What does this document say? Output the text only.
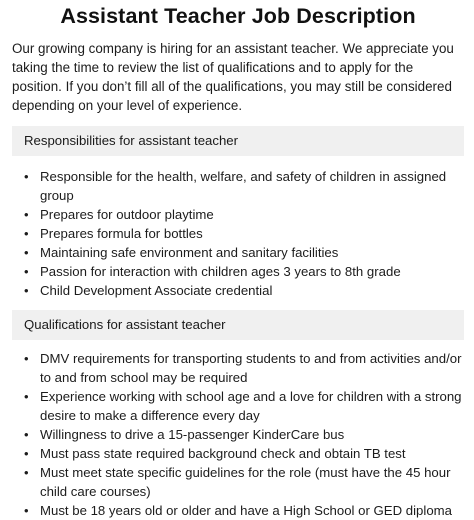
Assistant Teacher Job Description

Our growing company is hiring for an assistant teacher. We appreciate you taking the time to review the list of qualifications and to apply for the position. If you don’t fill all of the qualifications, you may still be considered depending on your level of experience.

Responsibilities for assistant teacher
• Responsible for the health, welfare, and safety of children in assigned group
• Prepares for outdoor playtime
• Prepares formula for bottles
• Maintaining safe environment and sanitary facilities
• Passion for interaction with children ages 3 years to 8th grade
• Child Development Associate credential
Qualifications for assistant teacher
• DMV requirements for transporting students to and from activities and/or to and from school may be required
• Experience working with school age and a love for children with a strong desire to make a difference every day
• Willingness to drive a 15-passenger KinderCare bus
• Must pass state required background check and obtain TB test
• Must meet state specific guidelines for the role (must have the 45 hour child care courses)
• Must be 18 years old or older and have a High School or GED diploma
